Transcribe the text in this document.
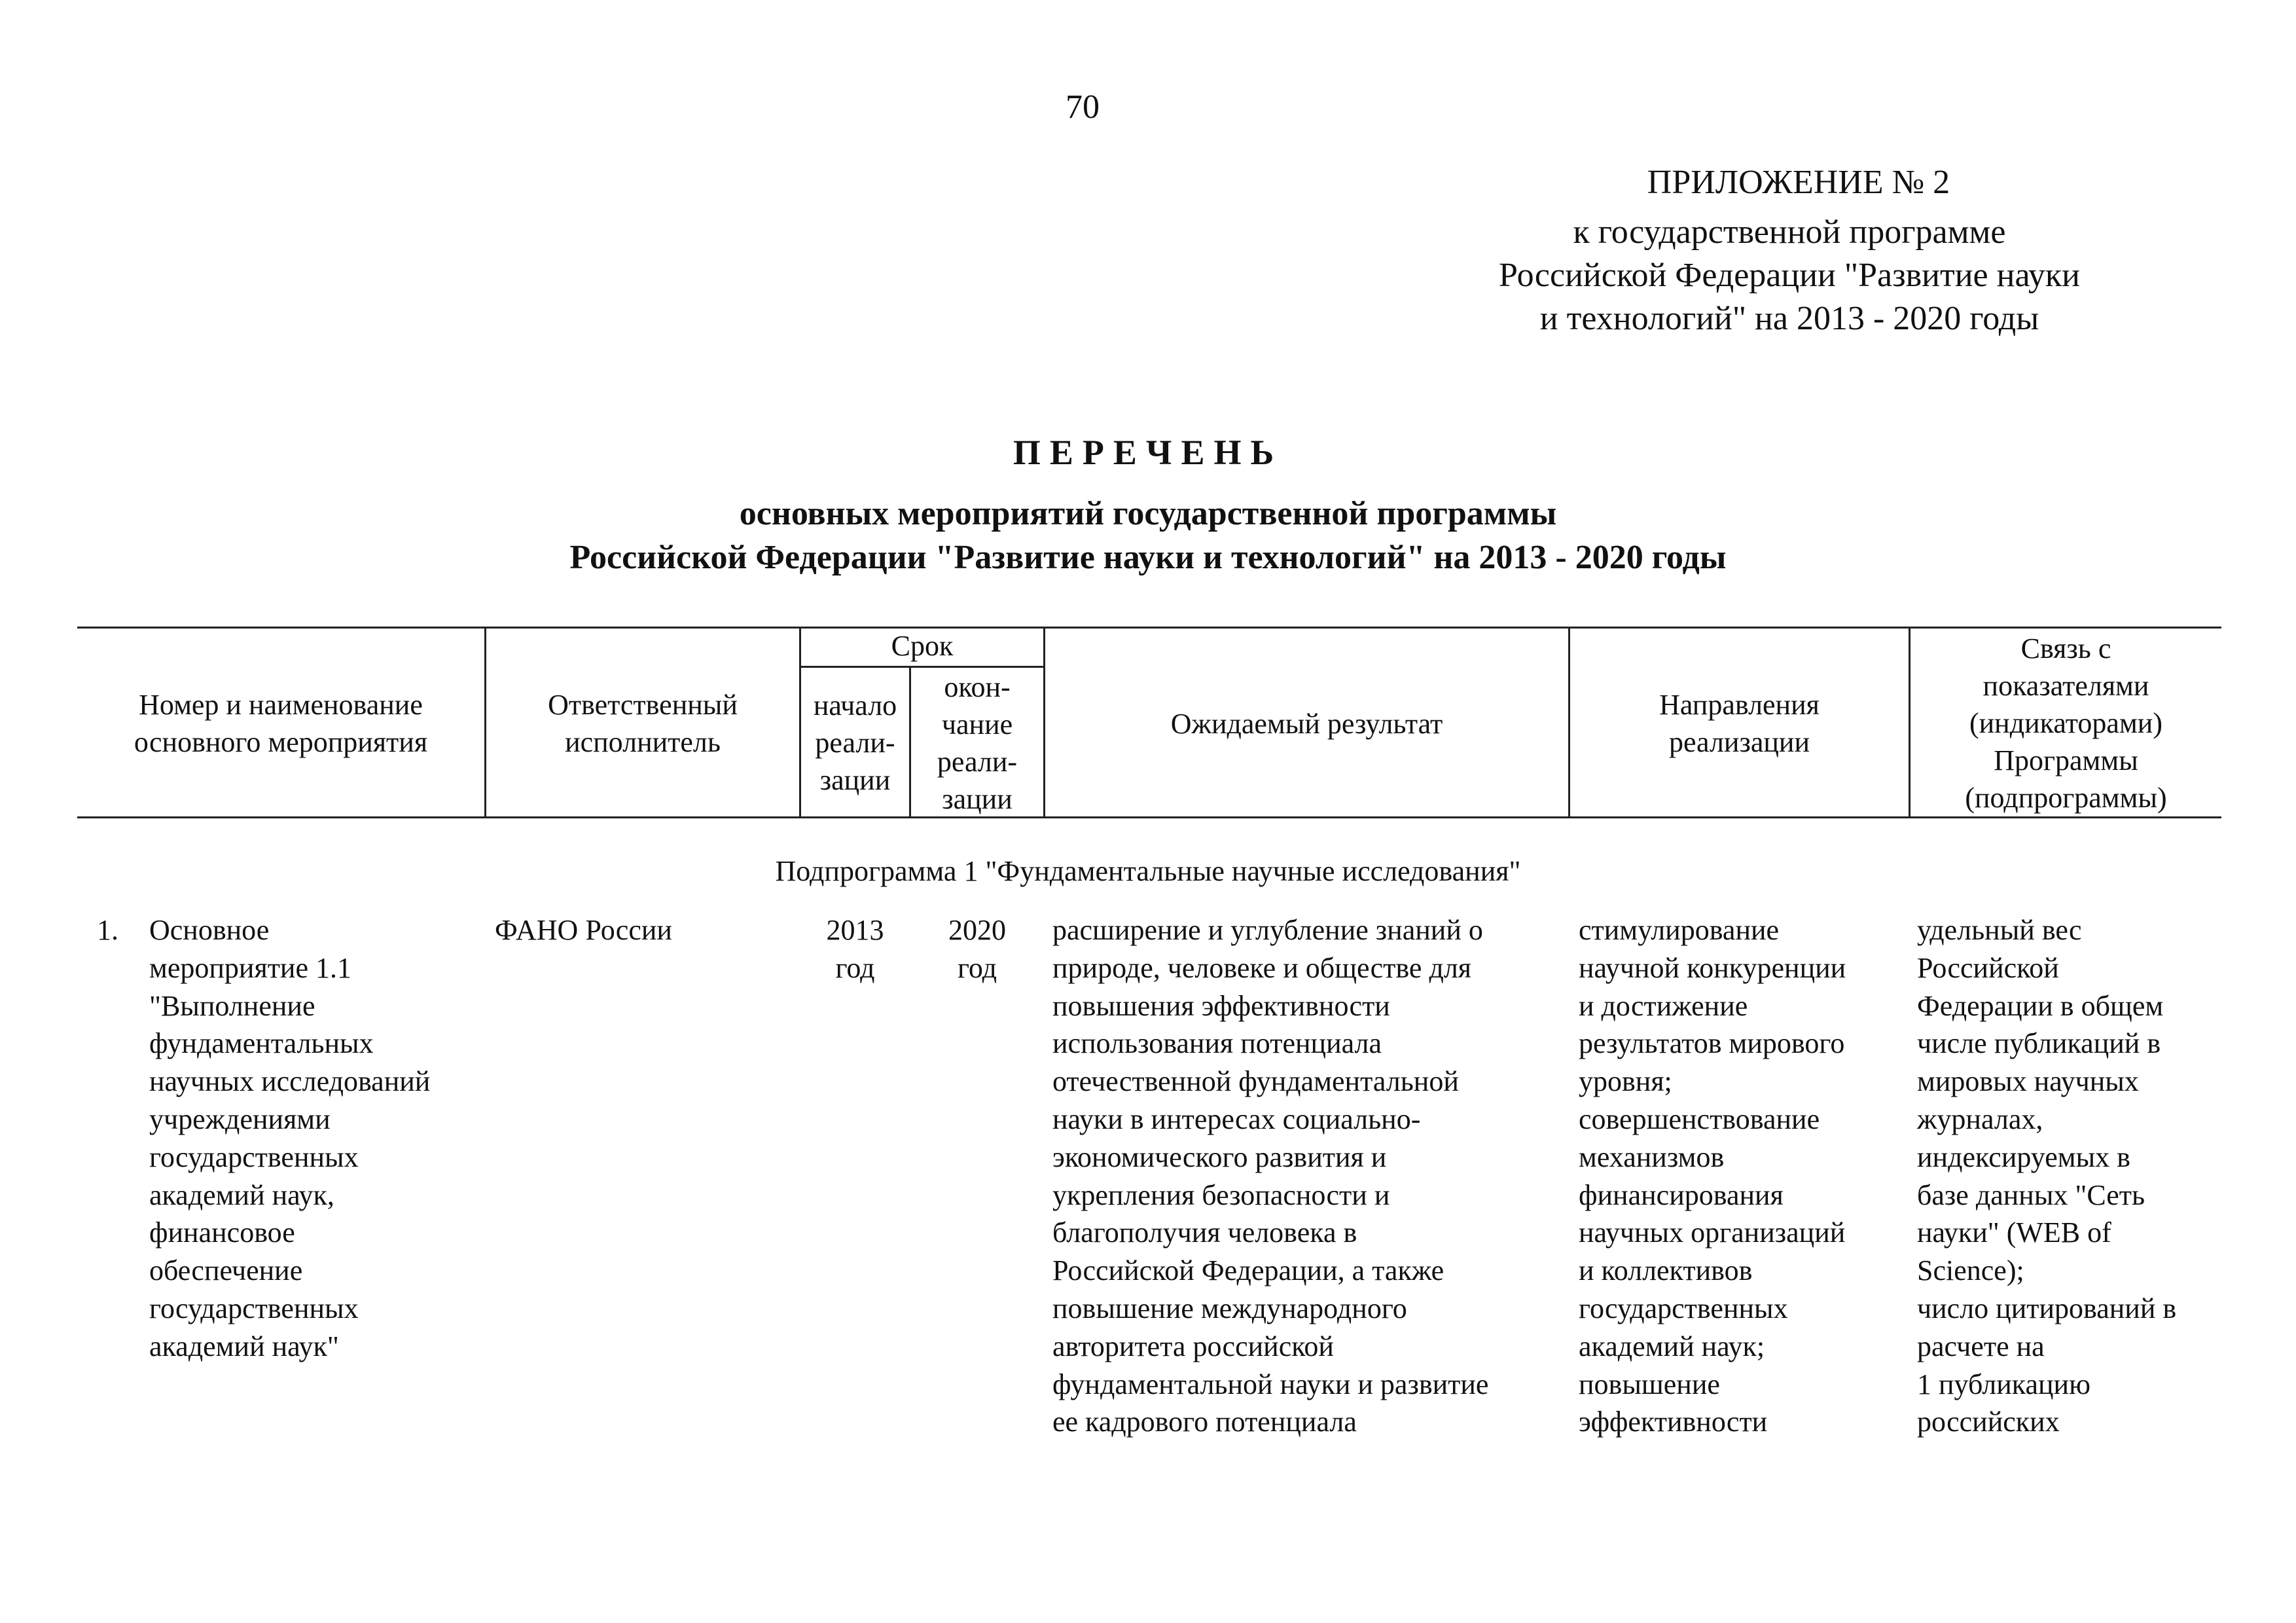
70
ПРИЛОЖЕНИЕ № 2
к государственной программе
Российской Федерации "Развитие науки
и технологий" на 2013 - 2020 годы
ПЕРЕЧЕНЬ
основных мероприятий государственной программы
Российской Федерации "Развитие науки и технологий" на 2013 - 2020 годы
Номер и наименование
основного мероприятия
Ответственный
исполнитель
Срок
начало
реали-
зации
окон-
чание
реали-
зации
Ожидаемый результат
Направления
реализации
Связь с
показателями
(индикаторами)
Программы
(подпрограммы)
Подпрограмма 1 "Фундаментальные научные исследования"
1. Основное
мероприятие 1.1
"Выполнение
фундаментальных
научных исследований
учреждениями
государственных
академий наук,
финансовое
обеспечение
государственных
академий наук"
ФАНО России	2013
год
2020
год
расширение и углубление знаний о
природе, человеке и обществе для
повышения эффективности
использования потенциала
отечественной фундаментальной
науки в интересах социально-
экономического развития и
укрепления безопасности и
благополучия человека в
Российской Федерации, а также
повышение международного
авторитета российской
фундаментальной науки и развитие
ее кадрового потенциала
стимулирование
научной конкуренции
и достижение
результатов мирового
уровня;
совершенствование
механизмов
финансирования
научных организаций
и коллективов
государственных
академий наук;
повышение
эффективности
удельный вес
Российской
Федерации в общем
числе публикаций в
мировых научных
журналах,
индексируемых в
базе данных "Сеть
науки" (WEB of
Science);
число цитирований в
расчете на
1 публикацию
российских
